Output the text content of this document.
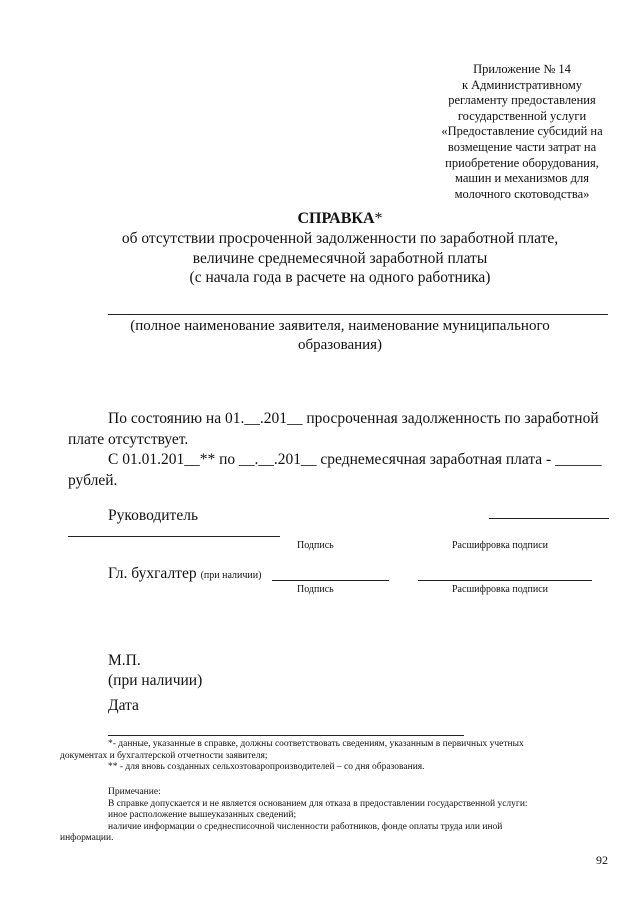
Приложение № 14
к Административному
регламенту предоставления
государственной услуги
«Предоставление субсидий на
возмещение части затрат на
приобретение оборудования,
машин и механизмов для
молочного скотоводства»
СПРАВКА*
об отсутствии просроченной задолженности по заработной плате,
величине среднемесячной заработной платы
(с начала года в расчете на одного работника)
(полное наименование заявителя, наименование муниципального
образования)
По состоянию на 01.__.201__ просроченная задолженность по заработной
плате отсутствует.
С 01.01.201__** по __.__.201__ среднемесячная заработная плата - ______
рублей.
Руководитель
Подпись	Расшифровка подписи
Гл. бухгалтер (при наличии)
Подпись	Расшифровка подписи
М.П.
(при наличии)
Дата
*- данные, указанные в справке, должны соответствовать сведениям, указанным в первичных учетных
документах и бухгалтерской отчетности заявителя;
** - для вновь созданных сельхозтоваропроизводителей – со дня образования.
Примечание:
В справке допускается и не является основанием для отказа в предоставлении государственной услуги:
иное расположение вышеуказанных сведений;
наличие информации о среднесписочной численности работников, фонде оплаты труда или иной
информации.
92
